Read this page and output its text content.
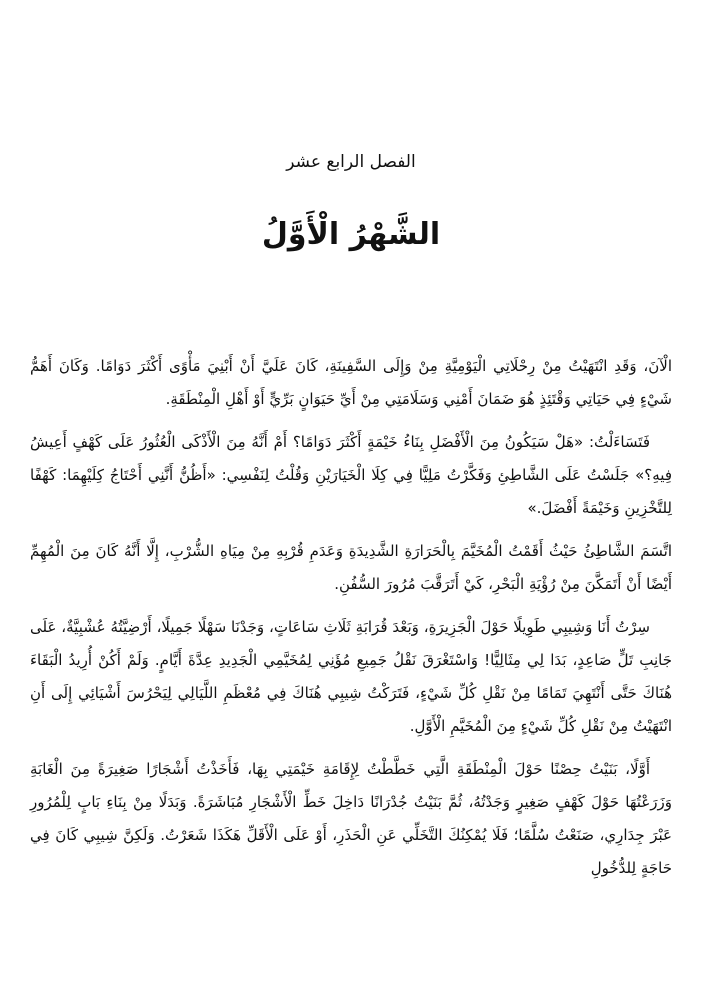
الفصل الرابع عشر
الشَّهْرُ الْأَوَّلُ

الْآنَ، وَقَدِ انْتَهَيْتُ مِنْ رِحْلَاتِي الْيَوْمِيَّةِ مِنْ وَإِلَى السَّفِينَةِ، كَانَ عَلَيَّ أَنْ أَبْنِيَ مَأْوًى أَكْثَرَ دَوَامًا. وَكَانَ أَهَمُّ شَيْءٍ فِي حَيَاتِي وَقْتَئِذٍ هُوَ ضَمَانَ أَمْنِي وَسَلَامَتِي مِنْ أَيِّ حَيَوَانٍ بَرِّيٍّ أَوْ أَهْلِ الْمِنْطَقَةِ.

فَتَسَاءَلْتُ: «هَلْ سَيَكُونُ مِنَ الْأَفْضَلِ بِنَاءُ خَيْمَةٍ أَكْثَرَ دَوَامًا؟ أَمْ أَنَّهُ مِنَ الْأَذْكَى الْعُثُورُ عَلَى كَهْفٍ أَعِيشُ فِيهِ؟» جَلَسْتُ عَلَى الشَّاطِئِ وَفَكَّرْتُ مَلِيًّا فِي كِلَا الْخَيَارَيْنِ وَقُلْتُ لِنَفْسِي: «أَظُنُّ أَنَّنِي أَحْتَاجُ كِلَيْهِمَا: كَهْفًا لِلتَّخْزِينِ وَخَيْمَةً أَفْضَلَ.»

اتَّسَمَ الشَّاطِئُ حَيْثُ أَقَمْتُ الْمُخَيَّمَ بِالْحَرَارَةِ الشَّدِيدَةِ وَعَدَمِ قُرْبِهِ مِنْ مِيَاهِ الشُّرْبِ، إِلَّا أَنَّهُ كَانَ مِنَ الْمُهِمِّ أَيْضًا أَنْ أَتَمَكَّنَ مِنْ رُؤْيَةِ الْبَحْرِ، كَيْ أَتَرَقَّبَ مُرُورَ السُّفُنِ.

سِرْتُ أَنَا وَشِيبِي طَوِيلًا حَوْلَ الْجَزِيرَةِ، وَبَعْدَ قُرَابَةِ ثَلَاثِ سَاعَاتٍ، وَجَدْنَا سَهْلًا جَمِيلًا، أَرْضِيَّتُهُ عُشْبِيَّةٌ، عَلَى جَانِبِ تَلٍّ صَاعِدٍ، بَدَا لِي مِثَالِيًّا! وَاسْتَغْرَقَ نَقْلُ جَمِيعِ مُؤَنِي لِمُخَيَّمِي الْجَدِيدِ عِدَّةَ أَيَّامٍ. وَلَمْ أَكُنْ أُرِيدُ الْبَقَاءَ هُنَاكَ حَتَّى أَنْتَهِيَ تَمَامًا مِنْ نَقْلِ كُلِّ شَيْءٍ، فَتَرَكْتُ شِيبِي هُنَاكَ فِي مُعْظَمِ اللَّيَالِي لِيَحْرُسَ أَشْيَائِي إِلَى أَنِ انْتَهَيْتُ مِنْ نَقْلِ كُلِّ شَيْءٍ مِنَ الْمُخَيَّمِ الْأَوَّلِ.

أَوَّلًا، بَنَيْتُ حِصْنًا حَوْلَ الْمِنْطَقَةِ الَّتِي خَطَّطْتُ لِإِقَامَةِ خَيْمَتِي بِهَا، فَأَخَذْتُ أَشْجَارًا صَغِيرَةً مِنَ الْغَابَةِ وَزَرَعْتُهَا حَوْلَ كَهْفٍ صَغِيرٍ وَجَدْتُهُ، ثُمَّ بَنَيْتُ جُدْرَانًا دَاخِلَ خَطِّ الْأَشْجَارِ مُبَاشَرَةً. وَبَدَلًا مِنْ بِنَاءِ بَابٍ لِلْمُرُورِ عَبْرَ جِدَارِي، صَنَعْتُ سُلَّمًا؛ فَلَا يُمْكِنُكَ التَّخَلِّي عَنِ الْحَذَرِ، أَوْ عَلَى الْأَقَلِّ هَكَذَا شَعَرْتُ. وَلَكِنَّ شِيبِي كَانَ فِي حَاجَةٍ لِلدُّخُولِ
